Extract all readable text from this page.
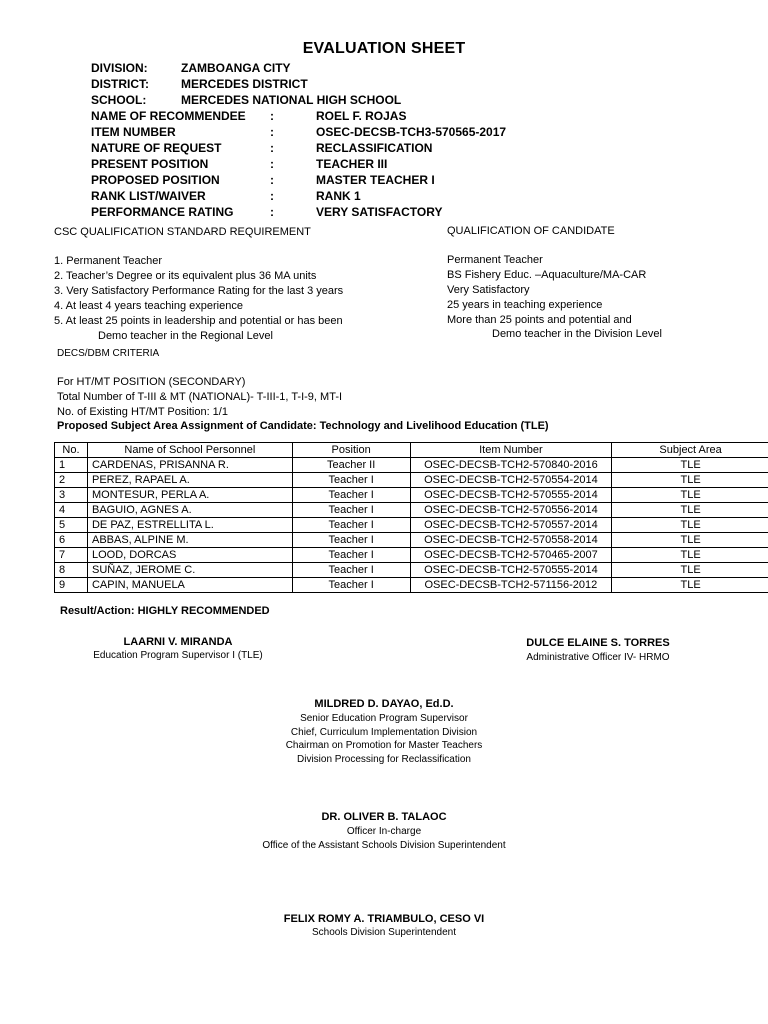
EVALUATION SHEET
DIVISION:	ZAMBOANGA CITY
DISTRICT:	MERCEDES DISTRICT
SCHOOL:	MERCEDES NATIONAL HIGH SCHOOL
NAME OF RECOMMENDEE :	ROEL F. ROJAS
ITEM NUMBER	:	OSEC-DECSB-TCH3-570565-2017
NATURE OF REQUEST	:	RECLASSIFICATION
PRESENT POSITION	:	TEACHER III
PROPOSED POSITION	:	MASTER TEACHER I
RANK LIST/WAIVER	:	RANK 1
PERFORMANCE RATING	:	VERY SATISFACTORY
CSC QUALIFICATION STANDARD REQUIREMENT
1. Permanent Teacher
2. Teacher’s Degree or its equivalent plus 36 MA units
3. Very Satisfactory Performance Rating for the last 3 years
4. At least 4 years teaching experience
5. At least 25 points in leadership and potential or has been
Demo teacher in the Regional Level
QUALIFICATION OF CANDIDATE
Permanent Teacher
BS Fishery Educ. –Aquaculture/MA-CAR
Very Satisfactory
25 years in teaching experience
More than 25 points and potential and
Demo teacher in the Division Level
DECS/DBM CRITERIA
For HT/MT POSITION (SECONDARY)
Total Number of T-III & MT (NATIONAL)- T-III-1, T-I-9, MT-I
No. of Existing HT/MT Position: 1/1
Proposed Subject Area Assignment of Candidate: Technology and Livelihood Education (TLE)
No.	Name of School Personnel	Position	Item Number	Subject Area
1	CARDENAS, PRISANNA R.	Teacher II	OSEC-DECSB-TCH2-570840-2016	TLE
2	PEREZ, RAPAEL A.	Teacher I	OSEC-DECSB-TCH2-570554-2014	TLE
3	MONTESUR, PERLA A.	Teacher I	OSEC-DECSB-TCH2-570555-2014	TLE
4	BAGUIO, AGNES A.	Teacher I	OSEC-DECSB-TCH2-570556-2014	TLE
5	DE PAZ, ESTRELLITA L.	Teacher I	OSEC-DECSB-TCH2-570557-2014	TLE
6	ABBAS, ALPINE M.	Teacher I	OSEC-DECSB-TCH2-570558-2014	TLE
7	LOOD, DORCAS	Teacher I	OSEC-DECSB-TCH2-570465-2007	TLE
8	SUÑAZ, JEROME C.	Teacher I	OSEC-DECSB-TCH2-570555-2014	TLE
9	CAPIN, MANUELA	Teacher I	OSEC-DECSB-TCH2-571156-2012	TLE
Result/Action: HIGHLY RECOMMENDED
LAARNI V. MIRANDA
Education Program Supervisor I (TLE)
DULCE ELAINE S. TORRES
Administrative Officer IV- HRMO
MILDRED D. DAYAO, Ed.D.
Senior Education Program Supervisor
Chief, Curriculum Implementation Division
Chairman on Promotion for Master Teachers
Division Processing for Reclassification
DR. OLIVER B. TALAOC
Officer In-charge
Office of the Assistant Schools Division Superintendent
FELIX ROMY A. TRIAMBULO, CESO VI
Schools Division Superintendent
